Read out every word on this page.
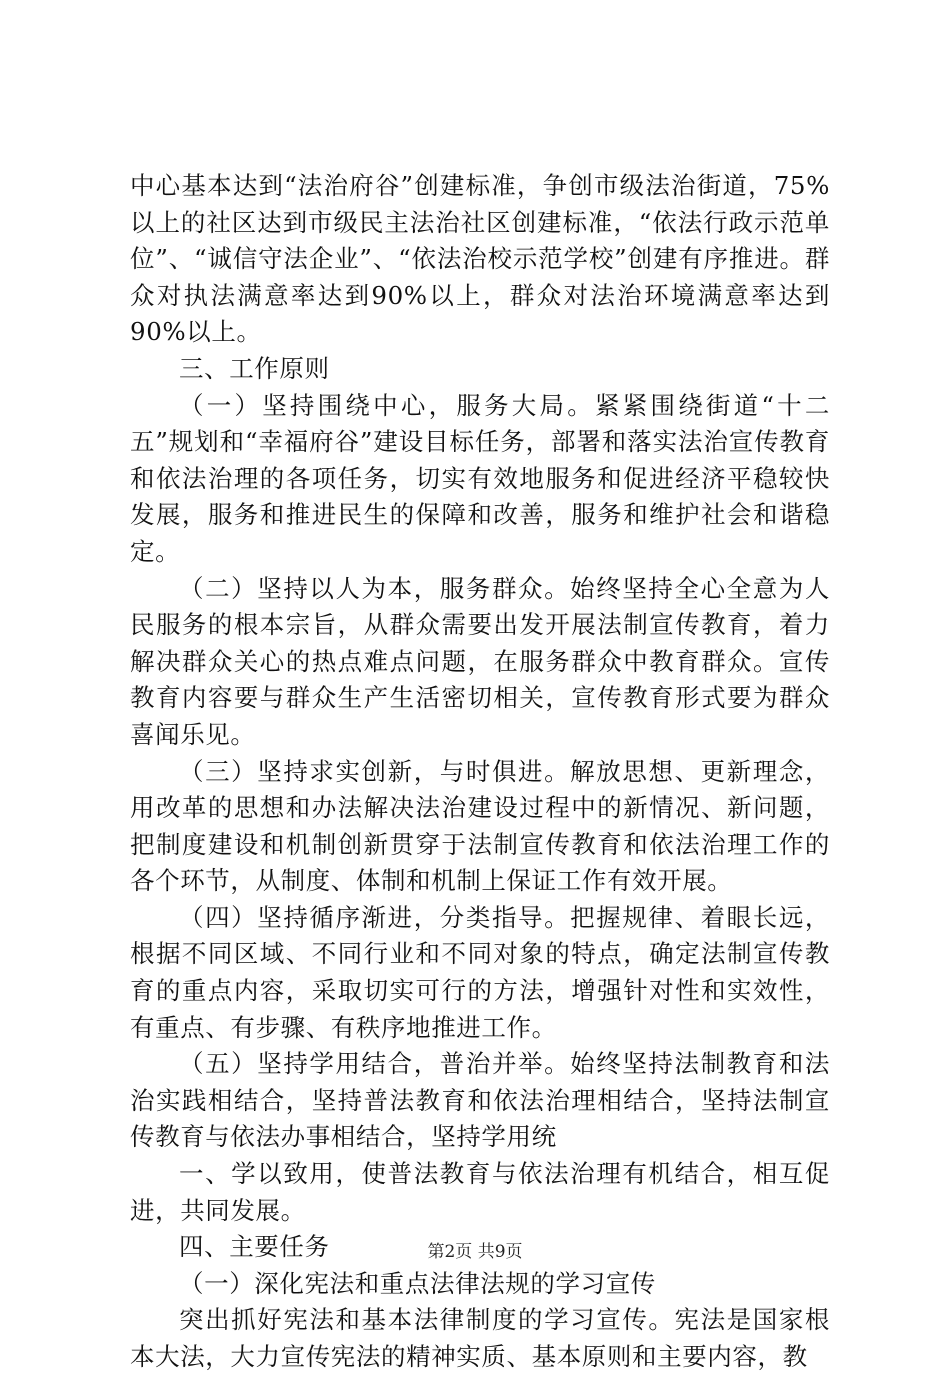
中心基本达到“法治府谷”创建标准，争创市级法治街道，75%以上的社区达到市级民主法治社区创建标准，“依法行政示范单位”、“诚信守法企业”、“依法治校示范学校”创建有序推进。群众对执法满意率达到90%以上，群众对法治环境满意率达到90%以上。

三、工作原则

（一）坚持围绕中心，服务大局。紧紧围绕街道“十二五”规划和“幸福府谷”建设目标任务，部署和落实法治宣传教育和依法治理的各项任务，切实有效地服务和促进经济平稳较快发展，服务和推进民生的保障和改善，服务和维护社会和谐稳定。

（二）坚持以人为本，服务群众。始终坚持全心全意为人民服务的根本宗旨，从群众需要出发开展法制宣传教育，着力解决群众关心的热点难点问题，在服务群众中教育群众。宣传教育内容要与群众生产生活密切相关，宣传教育形式要为群众喜闻乐见。

（三）坚持求实创新，与时俱进。解放思想、更新理念，用改革的思想和办法解决法治建设过程中的新情况、新问题，把制度建设和机制创新贯穿于法制宣传教育和依法治理工作的各个环节，从制度、体制和机制上保证工作有效开展。

（四）坚持循序渐进，分类指导。把握规律、着眼长远，根据不同区域、不同行业和不同对象的特点，确定法制宣传教育的重点内容，采取切实可行的方法，增强针对性和实效性，有重点、有步骤、有秩序地推进工作。

（五）坚持学用结合，普治并举。始终坚持法制教育和法治实践相结合，坚持普法教育和依法治理相结合，坚持法制宣传教育与依法办事相结合，坚持学用统

一、学以致用，使普法教育与依法治理有机结合，相互促进，共同发展。

四、主要任务

（一）深化宪法和重点法律法规的学习宣传

突出抓好宪法和基本法律制度的学习宣传。宪法是国家根本大法，大力宣传宪法的精神实质、基本原则和主要内容，教

第2页 共9页
